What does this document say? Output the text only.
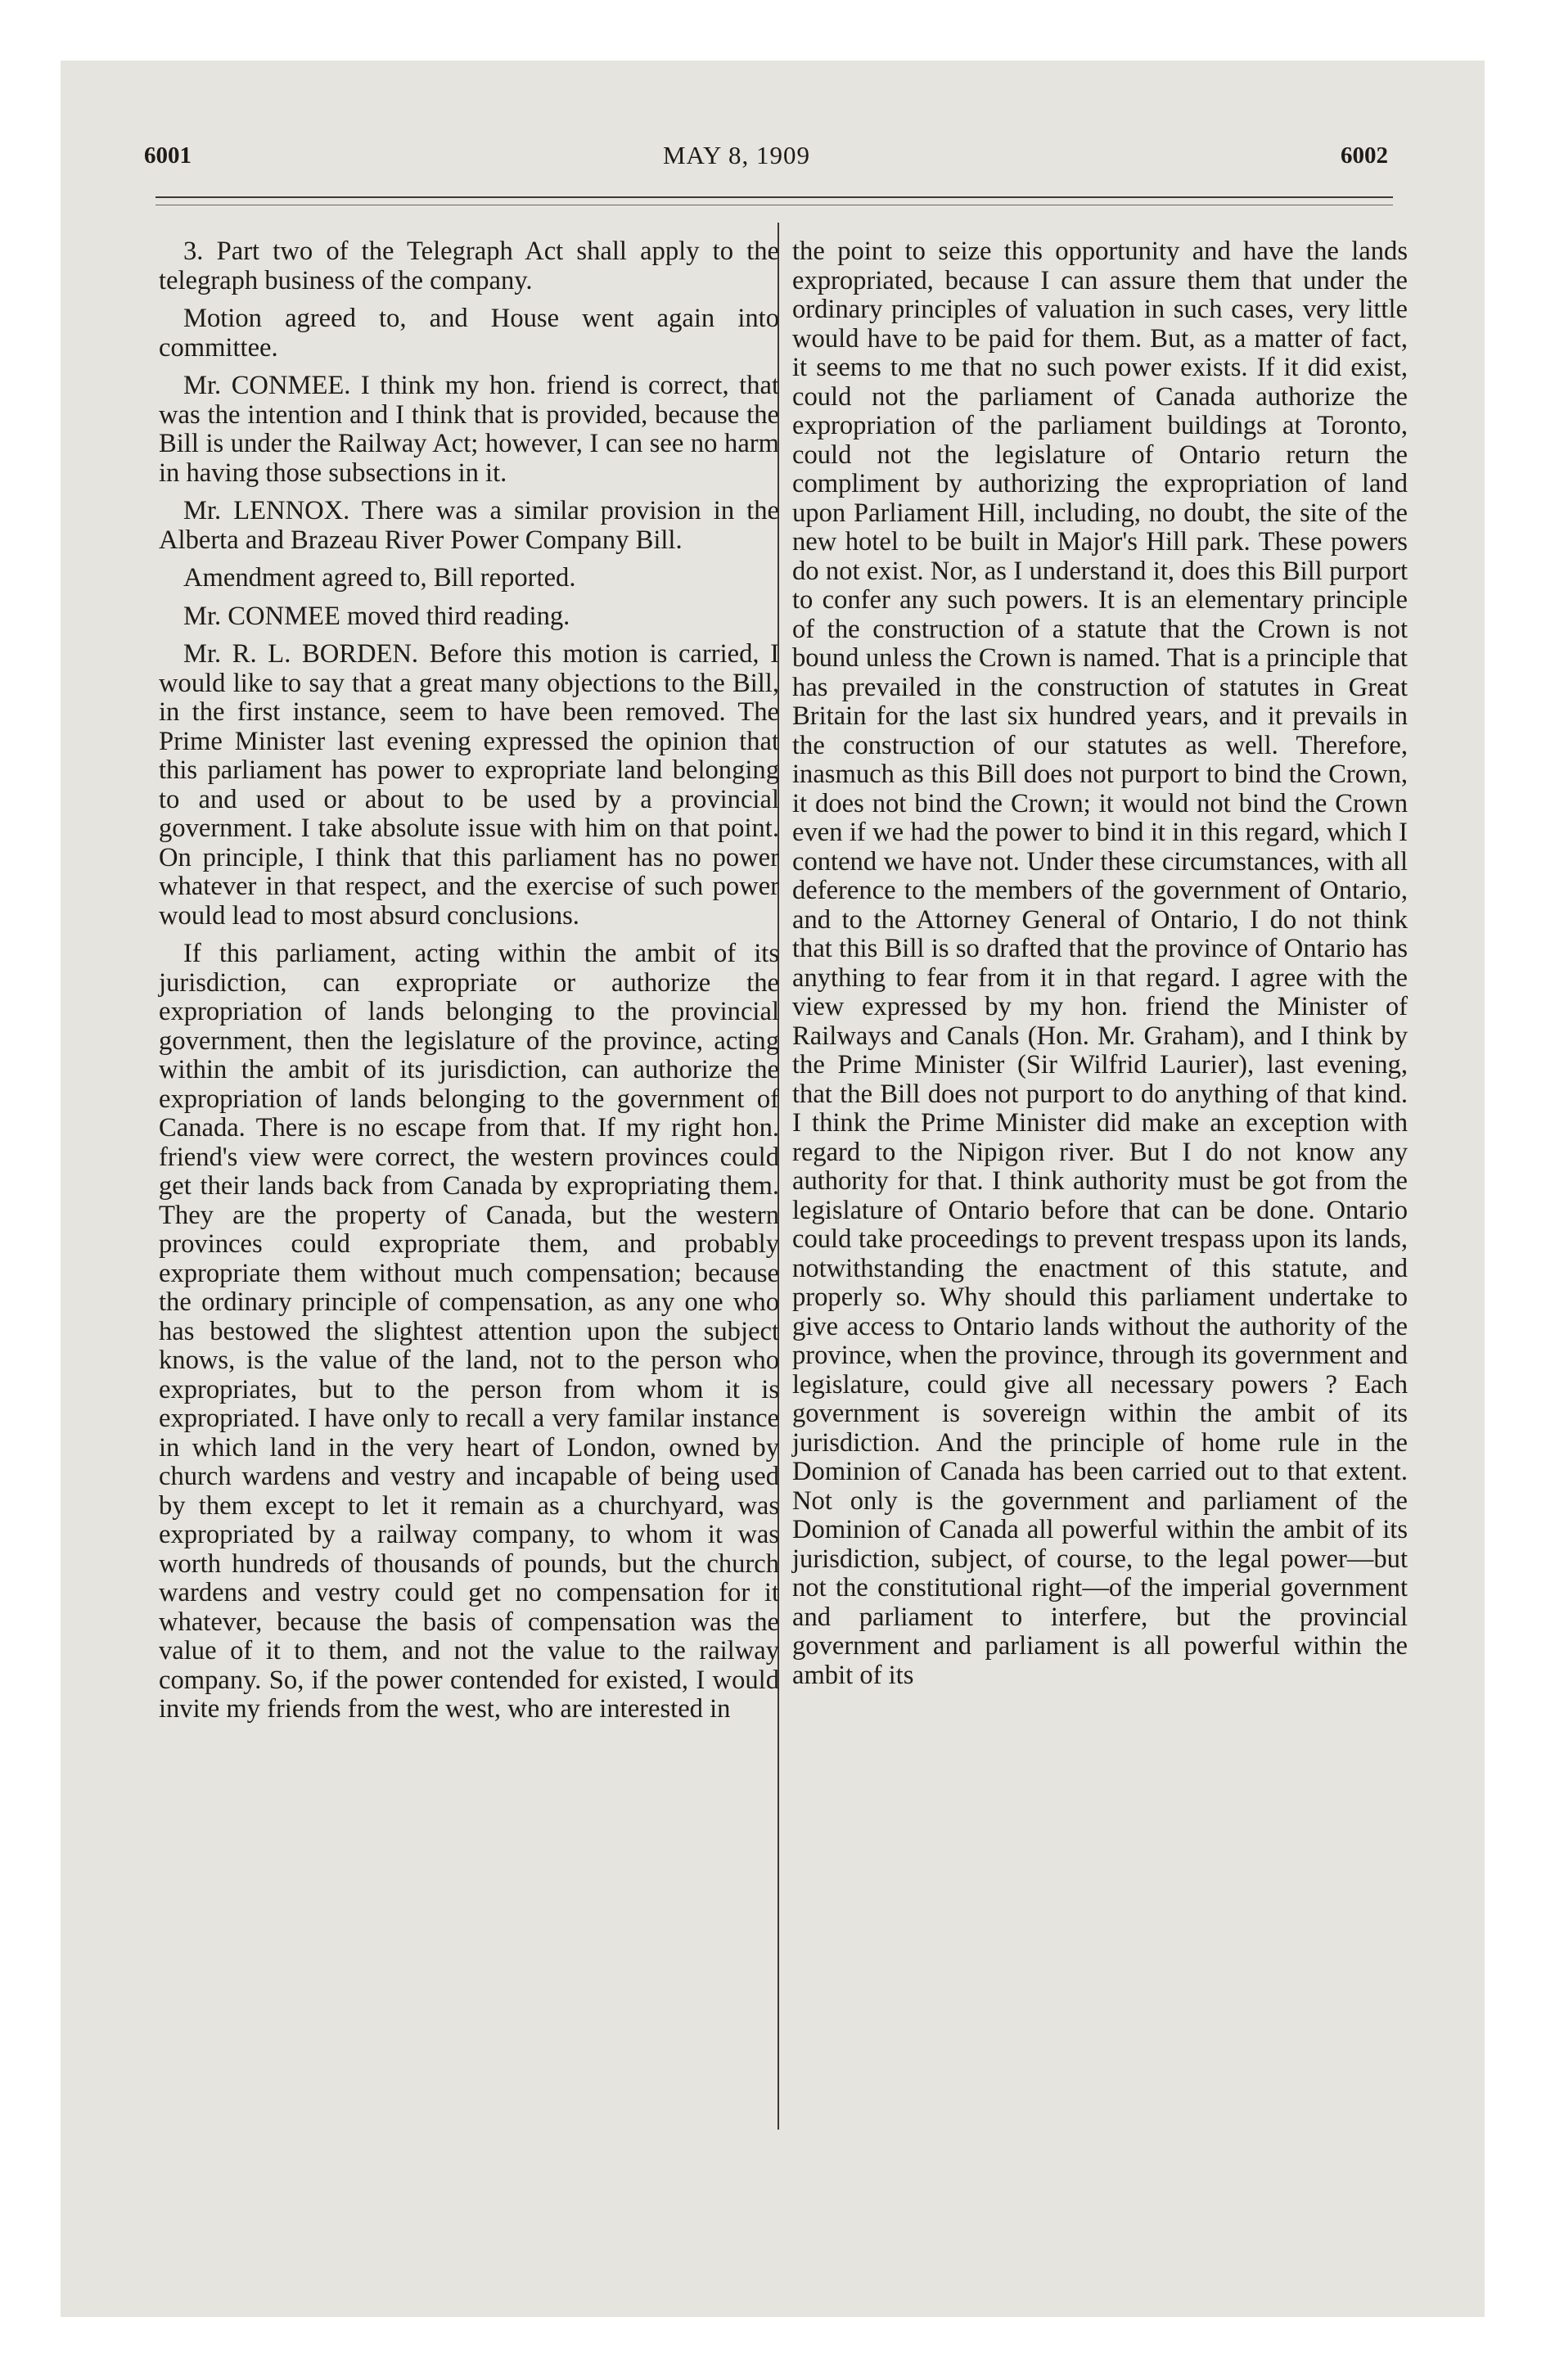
6001	MAY 8, 1909	6002

3. Part two of the Telegraph Act shall apply to the telegraph business of the company.

Motion agreed to, and House went again into committee.

Mr. CONMEE. I think my hon. friend is correct, that was the intention and I think that is provided, because the Bill is under the Railway Act; however, I can see no harm in having those subsections in it.

Mr. LENNOX. There was a similar provision in the Alberta and Brazeau River Power Company Bill.

Amendment agreed to, Bill reported.

Mr. CONMEE moved third reading.

Mr. R. L. BORDEN. Before this motion is carried, I would like to say that a great many objections to the Bill, in the first instance, seem to have been removed. The Prime Minister last evening expressed the opinion that this parliament has power to expropriate land belonging to and used or about to be used by a provincial government. I take absolute issue with him on that point. On principle, I think that this parliament has no power whatever in that respect, and the exercise of such power would lead to most absurd conclusions.

If this parliament, acting within the ambit of its jurisdiction, can expropriate or authorize the expropriation of lands belonging to the provincial government, then the legislature of the province, acting within the ambit of its jurisdiction, can authorize the expropriation of lands belonging to the government of Canada. There is no escape from that. If my right hon. friend's view were correct, the western provinces could get their lands back from Canada by expropriating them. They are the property of Canada, but the western provinces could expropriate them, and probably expropriate them without much compensation; because the ordinary principle of compensation, as any one who has bestowed the slightest attention upon the subject knows, is the value of the land, not to the person who expropriates, but to the person from whom it is expropriated. I have only to recall a very familar instance in which land in the very heart of London, owned by church wardens and vestry and incapable of being used by them except to let it remain as a churchyard, was expropriated by a railway company, to whom it was worth hundreds of thousands of pounds, but the church wardens and vestry could get no compensation for it whatever, because the basis of compensation was the value of it to them, and not the value to the railway company. So, if the power contended for existed, I would invite my friends from the west, who are interested in

the point to seize this opportunity and have the lands expropriated, because I can assure them that under the ordinary principles of valuation in such cases, very little would have to be paid for them. But, as a matter of fact, it seems to me that no such power exists. If it did exist, could not the parliament of Canada authorize the expropriation of the parliament buildings at Toronto, could not the legislature of Ontario return the compliment by authorizing the expropriation of land upon Parliament Hill, including, no doubt, the site of the new hotel to be built in Major's Hill park. These powers do not exist. Nor, as I understand it, does this Bill purport to confer any such powers. It is an elementary principle of the construction of a statute that the Crown is not bound unless the Crown is named. That is a principle that has prevailed in the construction of statutes in Great Britain for the last six hundred years, and it prevails in the construction of our statutes as well. Therefore, inasmuch as this Bill does not purport to bind the Crown, it does not bind the Crown; it would not bind the Crown even if we had the power to bind it in this regard, which I contend we have not. Under these circumstances, with all deference to the members of the government of Ontario, and to the Attorney General of Ontario, I do not think that this Bill is so drafted that the province of Ontario has anything to fear from it in that regard. I agree with the view expressed by my hon. friend the Minister of Railways and Canals (Hon. Mr. Graham), and I think by the Prime Minister (Sir Wilfrid Laurier), last evening, that the Bill does not purport to do anything of that kind. I think the Prime Minister did make an exception with regard to the Nipigon river. But I do not know any authority for that. I think authority must be got from the legislature of Ontario before that can be done. Ontario could take proceedings to prevent trespass upon its lands, notwithstanding the enactment of this statute, and properly so. Why should this parliament undertake to give access to Ontario lands without the authority of the province, when the province, through its government and legislature, could give all necessary powers ? Each government is sovereign within the ambit of its jurisdiction. And the principle of home rule in the Dominion of Canada has been carried out to that extent. Not only is the government and parliament of the Dominion of Canada all powerful within the ambit of its jurisdiction, subject, of course, to the legal power—but not the constitutional right—of the imperial government and parliament to interfere, but the provincial government and parliament is all powerful within the ambit of its
